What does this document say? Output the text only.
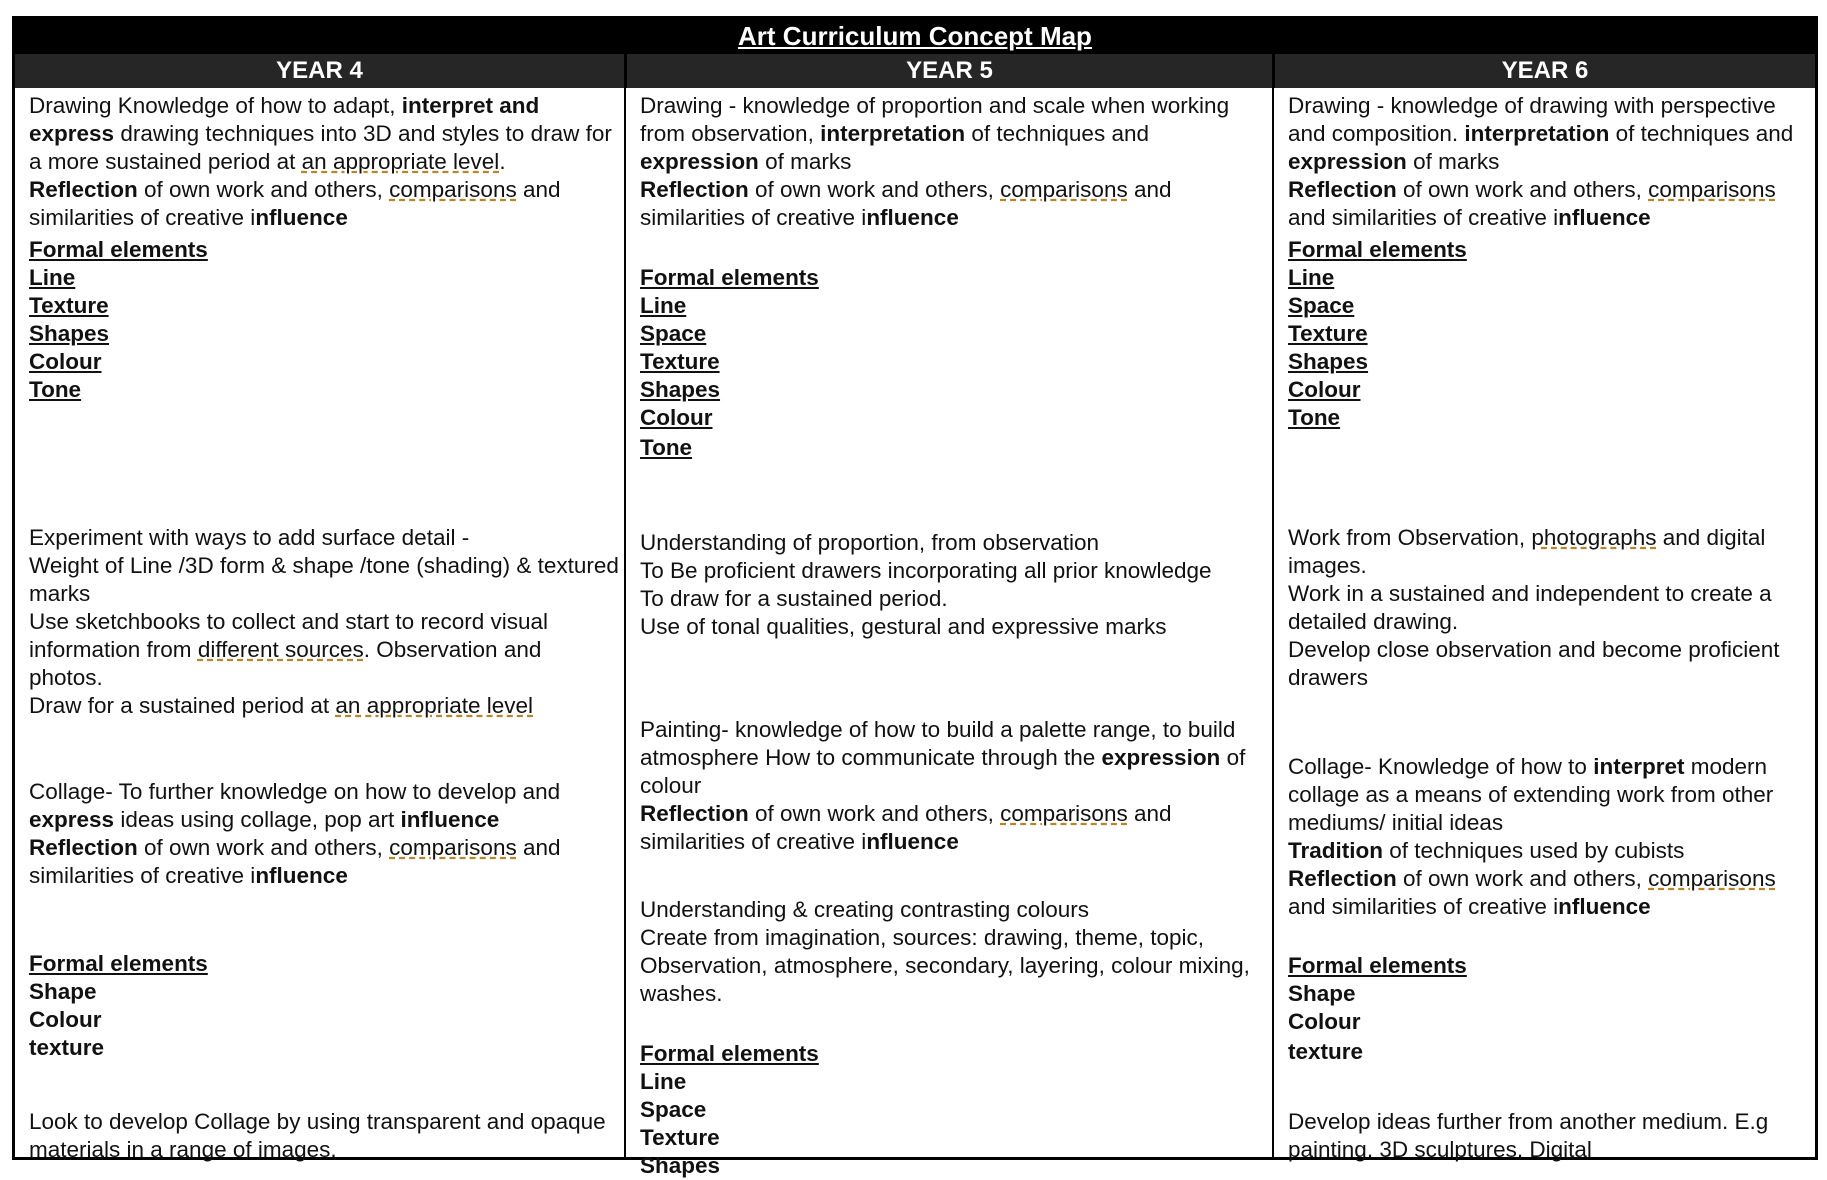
Art Curriculum Concept Map
YEAR 4	YEAR 5	YEAR 6

Drawing Knowledge of how to adapt, interpret and
express drawing techniques into 3D and styles to draw for
a more sustained period at an appropriate level.
Reflection of own work and others, comparisons and
similarities of creative influence

Formal elements
Line
Texture
Shapes
Colour
Tone

Experiment with ways to add surface detail -
Weight of Line /3D form & shape /tone (shading) & textured
marks
Use sketchbooks to collect and start to record visual
information from different sources. Observation and
photos.
Draw for a sustained period at an appropriate level

Collage- To further knowledge on how to develop and
express ideas using collage, pop art influence
Reflection of own work and others, comparisons and
similarities of creative influence

Formal elements
Shape
Colour
texture

Look to develop Collage by using transparent and opaque
materials in a range of images.

Drawing - knowledge of proportion and scale when working
from observation, interpretation of techniques and
expression of marks
Reflection of own work and others, comparisons and
similarities of creative influence

Formal elements
Line
Space
Texture
Shapes
Colour
Tone

Understanding of proportion, from observation
To Be proficient drawers incorporating all prior knowledge
To draw for a sustained period.
Use of tonal qualities, gestural and expressive marks

Painting- knowledge of how to build a palette range, to build
atmosphere How to communicate through the expression of
colour
Reflection of own work and others, comparisons and
similarities of creative influence

Understanding & creating contrasting colours
Create from imagination, sources: drawing, theme, topic,
Observation, atmosphere, secondary, layering, colour mixing,
washes.

Formal elements
Line
Space
Texture
Shapes

Drawing - knowledge of drawing with perspective
and composition. interpretation of techniques and
expression of marks
Reflection of own work and others, comparisons
and similarities of creative influence

Formal elements
Line
Space
Texture
Shapes
Colour
Tone

Work from Observation, photographs and digital
images.
Work in a sustained and independent to create a
detailed drawing.
Develop close observation and become proficient
drawers

Collage- Knowledge of how to interpret modern
collage as a means of extending work from other
mediums/ initial ideas
Tradition of techniques used by cubists
Reflection of own work and others, comparisons
and similarities of creative influence

Formal elements
Shape
Colour
texture

Develop ideas further from another medium. E.g
painting, 3D sculptures, Digital
